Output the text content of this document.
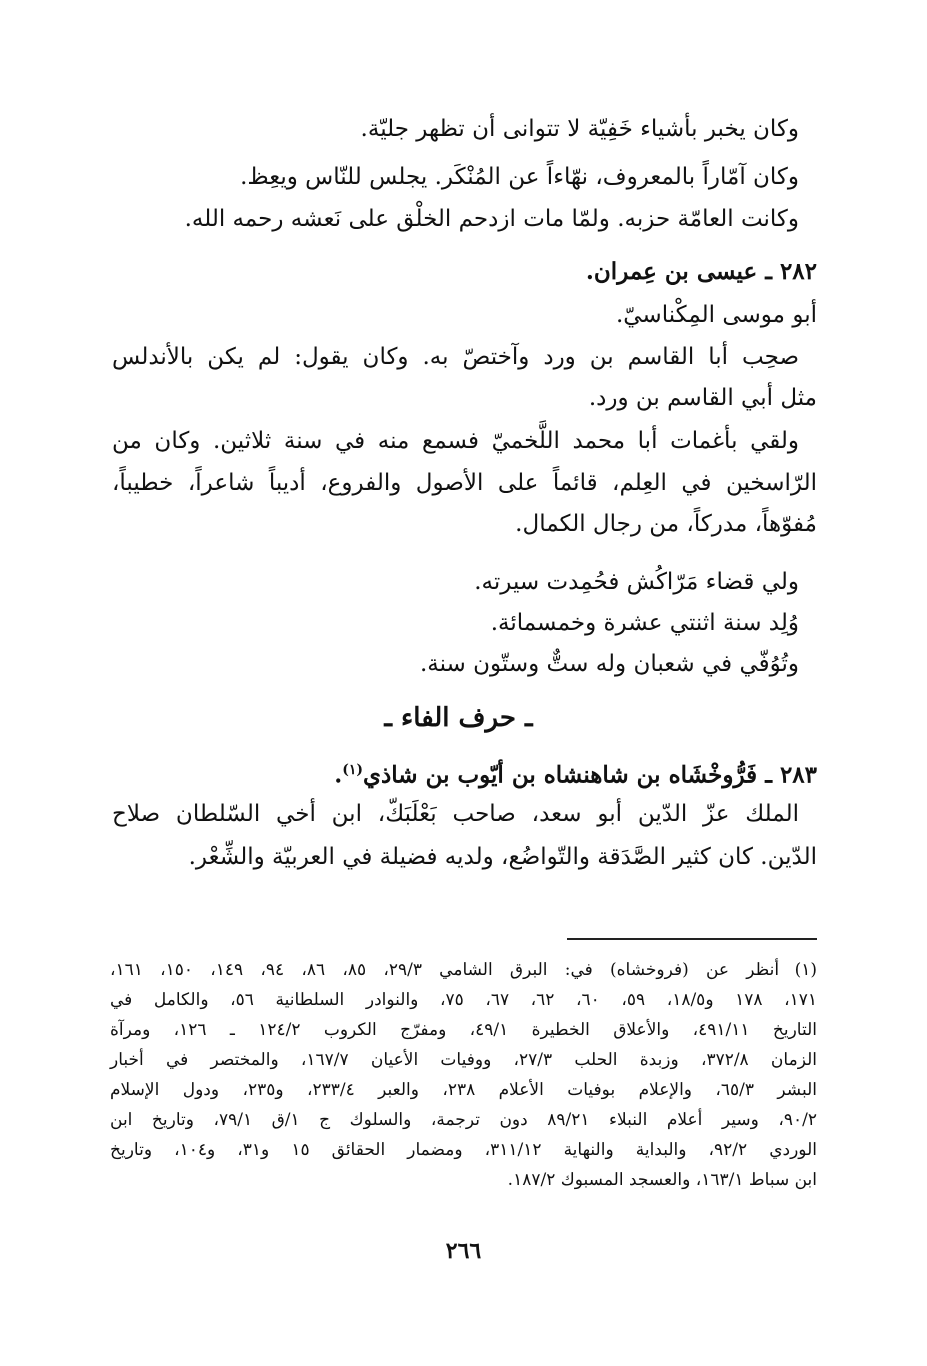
وكان يخبر بأشياء خَفِيّة لا تتوانى أن تظهر جليّة.
وكان آمّاراً بالمعروف، نهّاءاً عن المُنْكَر. يجلس للنّاس ويعِظ.
وكانت العامّة حزبه. ولمّا مات ازدحم الخلْق على نَعشه رحمه الله.
٢٨٢ ـ عيسى بن عِمران.
أبو موسى المِكْناسيّ.
صحِب أبا القاسم بن ورد وآختصّ به. وكان يقول: لم يكن بالأندلس
مثل أبي القاسم بن ورد.
ولقي بأغمات أبا محمد اللَّخميّ فسمع منه في سنة ثلاثين. وكان من
الرّاسخين في العِلم، قائماً على الأصول والفروع، أديباً شاعراً، خطيباً،
مُفوّهاً، مدركاً، من رجال الكمال.
ولي قضاء مَرّاكُش فحُمِدت سيرته.
وُلِد سنة اثنتي عشرة وخمسمائة.
وتُوُفّي في شعبان وله ستٌّ وستّون سنة.
ـ حرف الفاء ـ
٢٨٣ ـ فَرُّوخْشَاه بن شاهنشاه بن أيّوب بن شاذي$^{(١)}$.
الملك عزّ الدّين أبو سعد، صاحب بَعْلَبَكّ، ابن أخي السّلطان صلاح
الدّين. كان كثير الصَّدَقة والتّواضُع، ولديه فضيلة في العربيّة والشِّعْر.
(١)
أنظر عن (فروخشاه) في: البرق الشامي ٢٩/٣، ٨٥، ٨٦، ٩٤، ١٤٩، ١٥٠، ١٦١،
١٧١، ١٧٨ و١٨/٥، ٥٩، ٦٠، ٦٢، ٦٧، ٧٥، والنوادر السلطانية ٥٦، والكامل في
التاريخ ٤٩١/١١، والأعلاق الخطيرة ٤٩/١، ومفرّج الكروب ١٢٤/٢ ـ ١٢٦، ومرآة
الزمان ٣٧٢/٨، وزبدة الحلب ٢٧/٣، ووفيات الأعيان ١٦٧/٧، والمختصر في أخبار
البشر ٦٥/٣، والإعلام بوفيات الأعلام ٢٣٨، والعبر ٢٣٣/٤، و٢٣٥، ودول الإسلام
٩٠/٢، وسير أعلام النبلاء ٨٩/٢١ دون ترجمة، والسلوك ج ١/ق ٧٩/١، وتاريخ ابن
الوردي ٩٢/٢، والبداية والنهاية ٣١١/١٢، ومضمار الحقائق ١٥ و٣١، و١٠٤، وتاريخ
ابن سباط ١٦٣/١، والعسجد المسبوك ١٨٧/٢.
٢٦٦
